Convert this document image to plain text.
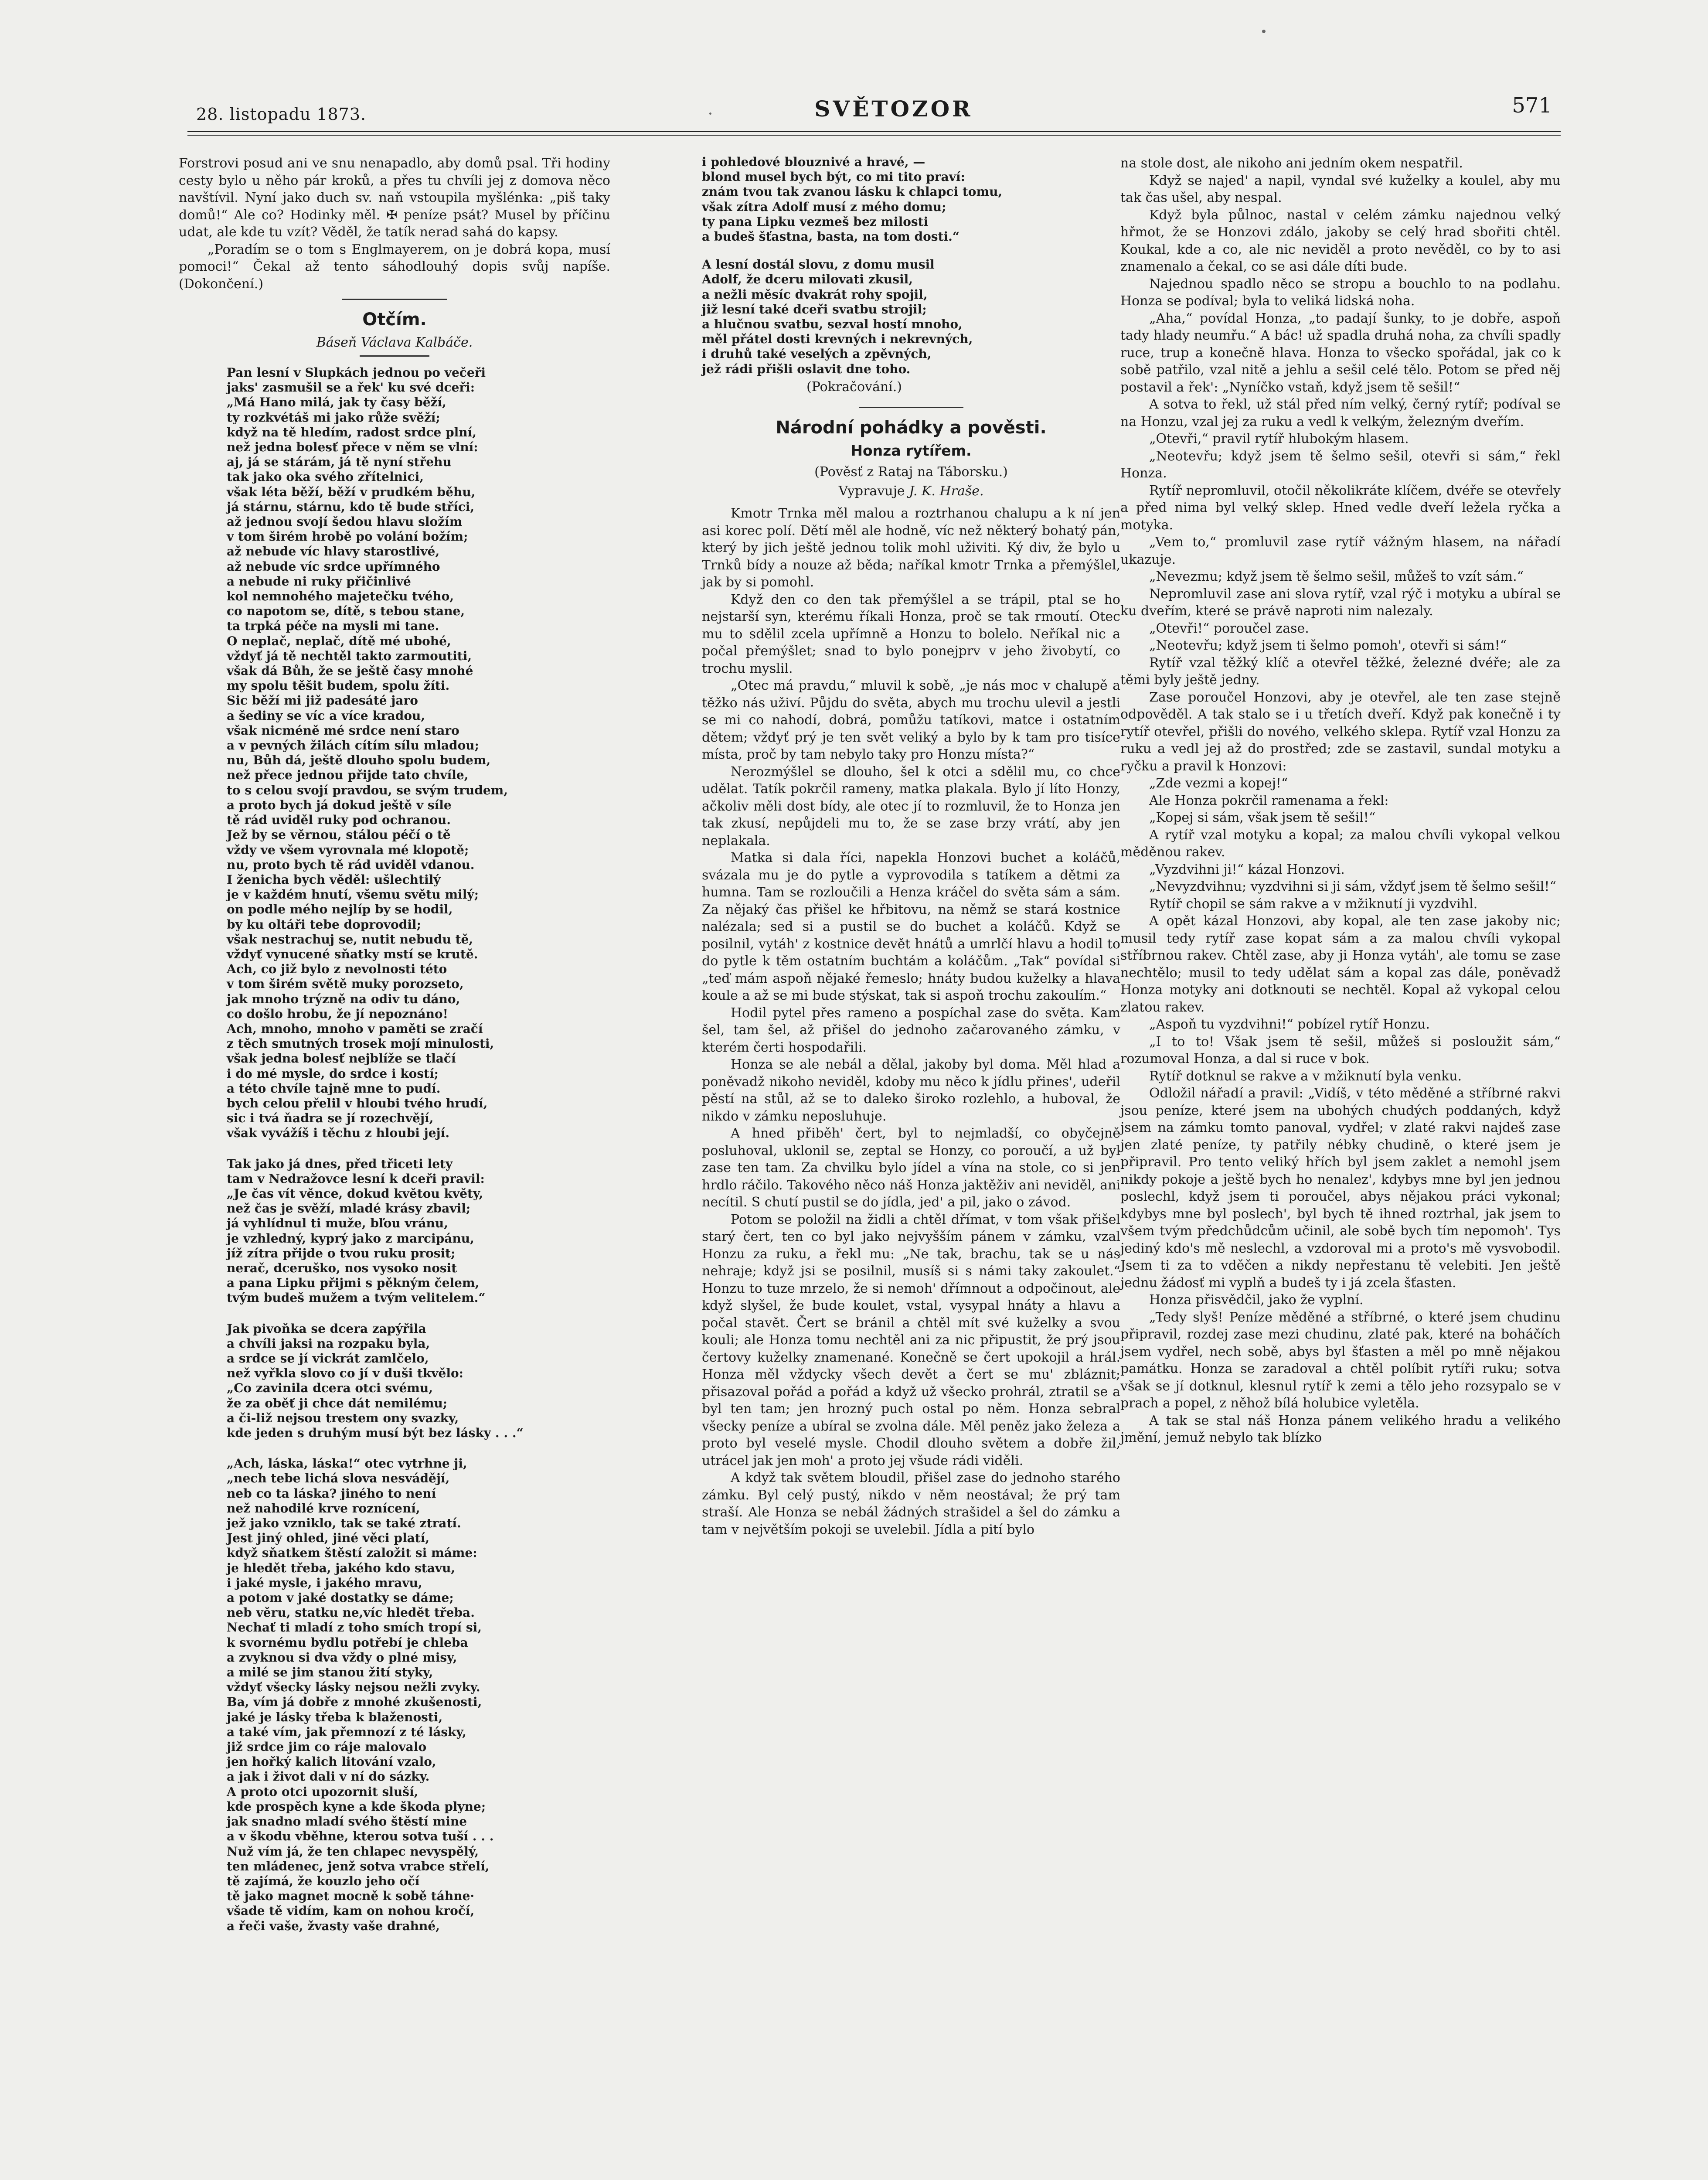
28. listopadu 1873.	SVĚTOZOR	571

Forstrovi posud ani ve snu nenapadlo, aby domů psal. Tři hodiny cesty bylo u něho pár kroků, a přes tu chvíli jej z domova něco navštívil. Nyní jako duch sv. naň vstoupila myšlénka: „piš taky domů!“ Ale co? Hodinky měl. ✠ peníze psát? Musel by příčinu udat, ale kde tu vzít? Věděl, že tatík nerad sahá do kapsy.

„Poradím se o tom s Englmayerem, on je dobrá kopa, musí pomoci!“ Čekal až tento sáhodlouhý dopis svůj napíše. (Dokončení.)

Otčím.
Báseň Václava Kalbáče.
Pan lesní v Slupkách jednou po večeři
jaks' zasmušil se a řek' ku své dceři:
„Má Hano milá, jak ty časy běží,
ty rozkvétáš mi jako růže svěží;
když na tě hledím, radost srdce plní,
než jedna bolesť přece v něm se vlní:
aj, já se stárám, já tě nyní střehu
tak jako oka svého zřítelnici,
však léta běží, běží v prudkém běhu,
já stárnu, stárnu, kdo tě bude stříci,
až jednou svojí šedou hlavu složím
v tom širém hrobě po volání božím;
až nebude víc hlavy starostlivé,
až nebude víc srdce upřímného
a nebude ni ruky přičinlivé
kol nemnohého majetečku tvého,
co napotom se, dítě, s tebou stane,
ta trpká péče na mysli mi tane.
O neplač, neplač, dítě mé ubohé,
vždyť já tě nechtěl takto zarmoutiti,
však dá Bůh, že se ještě časy mnohé
my spolu těšit budem, spolu žíti.
Sic běží mi již padesáté jaro
a šediny se víc a více kradou,
však nicméně mé srdce není staro
a v pevných žilách cítím sílu mladou;
nu, Bůh dá, ještě dlouho spolu budem,
než přece jednou přijde tato chvíle,
to s celou svojí pravdou, se svým trudem,
a proto bych já dokud ještě v síle
tě rád uviděl ruky pod ochranou.
Jež by se věrnou, stálou péčí o tě
vždy ve všem vyrovnala mé klopotě;
nu, proto bych tě rád uviděl vdanou.
I ženicha bych věděl: ušlechtilý
je v každém hnutí, všemu světu milý;
on podle mého nejlíp by se hodil,
by ku oltáři tebe doprovodil;
však nestrachuj se, nutit nebudu tě,
vždyť vynucené sňatky mstí se krutě.
Ach, co již bylo z nevolnosti této
v tom širém světě muky porozseto,
jak mnoho trýzně na odiv tu dáno,
co došlo hrobu, že jí nepoznáno!
Ach, mnoho, mnoho v paměti se zračí
z těch smutných trosek mojí minulosti,
však jedna bolesť nejblíže se tlačí
i do mé mysle, do srdce i kostí;
a této chvíle tajně mne to pudí.
bych celou přelil v hloubi tvého hrudí,
sic i tvá ňadra se jí rozechvějí,
však vyvážíš i těchu z hloubi její.
Tak jako já dnes, před třiceti lety
tam v Nedražovce lesní k dceři pravil:
„Je čas vít věnce, dokud květou květy,
než čas je svěží, mladé krásy zbavil;
já vyhlídnul ti muže, bľou vránu,
je vzhledný, kyprý jako z marcipánu,
jíž zítra přijde o tvou ruku prosit;
nerač, dceruško, nos vysoko nosit
a pana Lipku přijmi s pěkným čelem,
tvým budeš mužem a tvým velitelem.“
Jak pivoňka se dcera zapýřila
a chvíli jaksi na rozpaku byla,
a srdce se jí vickrát zamlčelo,
než vyřkla slovo co jí v duši tkvělo:
„Co zavinila dcera otci svému,
že za oběť ji chce dát nemilému;
a či-liž nejsou trestem ony svazky,
kde jeden s druhým musí být bez lásky . . .“
„Ach, láska, láska!“ otec vytrhne ji,
„nech tebe lichá slova nesvádějí,
neb co ta láska? jiného to není
než nahodilé krve roznícení,
jež jako vzniklo, tak se také ztratí.
Jest jiný ohled, jiné věci platí,
když sňatkem štěstí založit si máme:
je hledět třeba, jakého kdo stavu,
i jaké mysle, i jakého mravu,
a potom v jaké dostatky se dáme;
neb věru, statku ne,víc hledět třeba.
Nechať ti mladí z toho smích tropí si,
k svornému bydlu potřebí je chleba
a zvyknou si dva vždy o plné misy,
a milé se jim stanou žití styky,
vždyť všecky lásky nejsou nežli zvyky.
Ba, vím já dobře z mnohé zkušenosti,
jaké je lásky třeba k blaženosti,
a také vím, jak přemnozí z té lásky,
již srdce jim co ráje malovalo
jen hořký kalich litování vzalo,
a jak i život dali v ní do sázky.
A proto otci upozornit sluší,
kde prospěch kyne a kde škoda plyne;
jak snadno mladí svého štěstí mine
a v škodu vběhne, kterou sotva tuší . . .
Nuž vím já, že ten chlapec nevyspělý,
ten mládenec, jenž sotva vrabce střelí,
tě zajímá, že kouzlo jeho očí
tě jako magnet mocně k sobě táhne·
všade tě vidím, kam on nohou kročí,
a řeči vaše, žvasty vaše drahné,
i pohledové blouznivé a hravé, —
blond musel bych být, co mi tito praví:
znám tvou tak zvanou lásku k chlapci tomu,
však zítra Adolf musí z mého domu;
ty pana Lipku vezmeš bez milosti
a budeš šťastna, basta, na tom dosti.“
A lesní dostál slovu, z domu musil
Adolf, že dceru milovati zkusil,
a nežli měsíc dvakrát rohy spojil,
již lesní také dceři svatbu strojil;
a hlučnou svatbu, sezval hostí mnoho,
měl přátel dosti krevných i nekrevných,
i druhů také veselých a zpěvných,
jež rádi přišli oslavit dne toho.
(Pokračování.)
Národní pohádky a pověsti.
Honza rytířem.
(Pověsť z Rataj na Táborsku.)
Vypravuje J. K. Hraše.

Kmotr Trnka měl malou a roztrhanou chalupu a k ní jen asi korec polí. Dětí měl ale hodně, víc než některý bohatý pán, který by jich ještě jednou tolik mohl uživiti. Ký div, že bylo u Trnků bídy a nouze až běda; naříkal kmotr Trnka a přemýšlel, jak by si pomohl.

Když den co den tak přemýšlel a se trápil, ptal se ho nejstarší syn, kterému říkali Honza, proč se tak rmoutí. Otec mu to sdělil zcela upřímně a Honzu to bolelo. Neříkal nic a počal přemýšlet; snad to bylo ponejprv v jeho živobytí, co trochu myslil.

„Otec má pravdu,“ mluvil k sobě, „je nás moc v chalupě a těžko nás uživí. Půjdu do světa, abych mu trochu ulevil a jestli se mi co nahodí, dobrá, pomůžu tatíkovi, matce i ostatním dětem; vždyť prý je ten svět veliký a bylo by k tam pro tisíce místa, proč by tam nebylo taky pro Honzu místa?“

Nerozmýšlel se dlouho, šel k otci a sdělil mu, co chce udělat. Tatík pokrčil rameny, matka plakala. Bylo jí líto Honzy, ačkoliv měli dost bídy, ale otec jí to rozmluvil, že to Honza jen tak zkusí, nepůjdeli mu to, že se zase brzy vrátí, aby jen neplakala.

Matka si dala říci, napekla Honzovi buchet a koláčů, svázala mu je do pytle a vyprovodila s tatíkem a dětmi za humna. Tam se rozloučili a Henza kráčel do světa sám a sám. Za nějaký čas přišel ke hřbitovu, na němž se stará kostnice nalézala; sed si a pustil se do buchet a koláčů. Když se posilnil, vytáh' z kostnice devět hnátů a umrlčí hlavu a hodil to do pytle k těm ostatním buchtám a koláčům. „Tak“ povídal si „teď mám aspoň nějaké řemeslo; hnáty budou kuželky a hlava koule a až se mi bude stýskat, tak si aspoň trochu zakoulím.“

Hodil pytel přes rameno a pospíchal zase do světa. Kam šel, tam šel, až přišel do jednoho začarovaného zámku, v kterém čerti hospodařili.

Honza se ale nebál a dělal, jakoby byl doma. Měl hlad a poněvadž nikoho neviděl, kdoby mu něco k jídlu přines', udeřil pěstí na stůl, až se to daleko široko rozlehlo, a huboval, že nikdo v zámku neposluhuje.

A hned přiběh' čert, byl to nejmladší, co obyčejně posluhoval, uklonil se, zeptal se Honzy, co poroučí, a už byl zase ten tam. Za chvilku bylo jídel a vína na stole, co si jen hrdlo ráčilo. Takového něco náš Honza jaktěživ ani neviděl, ani necítil. S chutí pustil se do jídla, jed' a pil, jako o závod.

Potom se položil na židli a chtěl dřímat, v tom však přišel starý čert, ten co byl jako nejvyšším pánem v zámku, vzal Honzu za ruku, a řekl mu: „Ne tak, brachu, tak se u nás nehraje; když jsi se posilnil, musíš si s námi taky zakoulet.“ Honzu to tuze mrzelo, že si nemoh' dřímnout a odpočinout, ale když slyšel, že bude koulet, vstal, vysypal hnáty a hlavu a počal stavět. Čert se bránil a chtěl mít své kuželky a svou kouli; ale Honza tomu nechtěl ani za nic připustit, že prý jsou čertovy kuželky znamenané. Konečně se čert upokojil a hrál. Honza měl vždycky všech devět a čert se mu' zbláznit; přisazoval pořád a pořád a když už všecko prohrál, ztratil se a byl ten tam; jen hrozný puch ostal po něm. Honza sebral všecky peníze a ubíral se zvolna dále. Měl peněz jako železa a proto byl veselé mysle. Chodil dlouho světem a dobře žil, utrácel jak jen moh' a proto jej všude rádi viděli.

A když tak světem bloudil, přišel zase do jednoho starého zámku. Byl celý pustý, nikdo v něm neostával; že prý tam straší. Ale Honza se nebál žádných strašidel a šel do zámku a tam v největším pokoji se uvelebil. Jídla a pití bylo

na stole dost, ale nikoho ani jedním okem nespatřil.

Když se najed' a napil, vyndal své kuželky a koulel, aby mu tak čas ušel, aby nespal.

Když byla půlnoc, nastal v celém zámku najednou velký hřmot, že se Honzovi zdálo, jakoby se celý hrad sbořiti chtěl. Koukal, kde a co, ale nic neviděl a proto nevěděl, co by to asi znamenalo a čekal, co se asi dále díti bude.

Najednou spadlo něco se stropu a bouchlo to na podlahu. Honza se podíval; byla to veliká lidská noha.

„Aha,“ povídal Honza, „to padají šunky, to je dobře, aspoň tady hlady neumřu.“ A bác! už spadla druhá noha, za chvíli spadly ruce, trup a konečně hlava. Honza to všecko spořádal, jak co k sobě patřilo, vzal nitě a jehlu a sešil celé tělo. Potom se před něj postavil a řek': „Nyníčko vstaň, když jsem tě sešil!“

A sotva to řekl, už stál před ním velký, černý rytíř; podíval se na Honzu, vzal jej za ruku a vedl k velkým, železným dveřím.

„Otevři,“ pravil rytíř hlubokým hlasem.

„Neotevřu; když jsem tě šelmo sešil, otevři si sám,“ řekl Honza.

Rytíř nepromluvil, otočil několikráte klíčem, dvéře se otevřely a před nima byl velký sklep. Hned vedle dveří ležela ryčka a motyka.

„Vem to,“ promluvil zase rytíř vážným hlasem, na nářadí ukazuje.

„Nevezmu; když jsem tě šelmo sešil, můžeš to vzít sám.“

Nepromluvil zase ani slova rytíř, vzal rýč i motyku a ubíral se ku dveřím, které se právě naproti nim nalezaly.

„Otevři!“ poroučel zase.

„Neotevřu; když jsem ti šelmo pomoh', otevři si sám!“

Rytíř vzal těžký klíč a otevřel těžké, železné dvéře; ale za těmi byly ještě jedny.

Zase poroučel Honzovi, aby je otevřel, ale ten zase stejně odpověděl. A tak stalo se i u třetích dveří. Když pak konečně i ty rytíř otevřel, přišli do nového, velkého sklepa. Rytíř vzal Honzu za ruku a vedl jej až do prostřed; zde se zastavil, sundal motyku a ryčku a pravil k Honzovi:

„Zde vezmi a kopej!“

Ale Honza pokrčil ramenama a řekl:

„Kopej si sám, však jsem tě sešil!“

A rytíř vzal motyku a kopal; za malou chvíli vykopal velkou měděnou rakev.

„Vyzdvihni ji!“ kázal Honzovi.

„Nevyzdvihnu; vyzdvihni si ji sám, vždyť jsem tě šelmo sešil!“

Rytíř chopil se sám rakve a v mžiknutí ji vyzdvihl.

A opět kázal Honzovi, aby kopal, ale ten zase jakoby nic; musil tedy rytíř zase kopat sám a za malou chvíli vykopal stříbrnou rakev. Chtěl zase, aby ji Honza vytáh', ale tomu se zase nechtělo; musil to tedy udělat sám a kopal zas dále, poněvadž Honza motyky ani dotknouti se nechtěl. Kopal až vykopal celou zlatou rakev.

„Aspoň tu vyzdvihni!“ pobízel rytíř Honzu.

„I to to! Však jsem tě sešil, můžeš si posloužit sám,“ rozumoval Honza, a dal si ruce v bok.

Rytíř dotknul se rakve a v mžiknutí byla venku.

Odložil nářadí a pravil: „Vidíš, v této měděné a stříbrné rakvi jsou peníze, které jsem na ubohých chudých poddaných, když jsem na zámku tomto panoval, vydřel; v zlaté rakvi najdeš zase jen zlaté peníze, ty patřily nébky chudině, o které jsem je připravil. Pro tento veliký hřích byl jsem zaklet a nemohl jsem nikdy pokoje a ještě bych ho nenalez', kdybys mne byl jen jednou poslechl, když jsem ti poroučel, abys nějakou práci vykonal; kdybys mne byl poslech', byl bych tě ihned roztrhal, jak jsem to všem tvým předchůdcům učinil, ale sobě bych tím nepomoh'. Tys jediný kdo's mě neslechl, a vzdoroval mi a proto's mě vysvobodil. Jsem ti za to vděčen a nikdy nepřestanu tě velebiti. Jen ještě jednu žádosť mi vyplň a budeš ty i já zcela šťasten.

Honza přisvědčil, jako že vyplní.

„Tedy slyš! Peníze měděné a stříbrné, o které jsem chudinu připravil, rozdej zase mezi chudinu, zlaté pak, které na boháčích jsem vydřel, nech sobě, abys byl šťasten a měl po mně nějakou památku. Honza se zaradoval a chtěl políbit rytíři ruku; sotva však se jí dotknul, klesnul rytíř k zemi a tělo jeho rozsypalo se v prach a popel, z něhož bílá holubice vyletěla.

A tak se stal náš Honza pánem velikého hradu a velikého jmění, jemuž nebylo tak blízko
